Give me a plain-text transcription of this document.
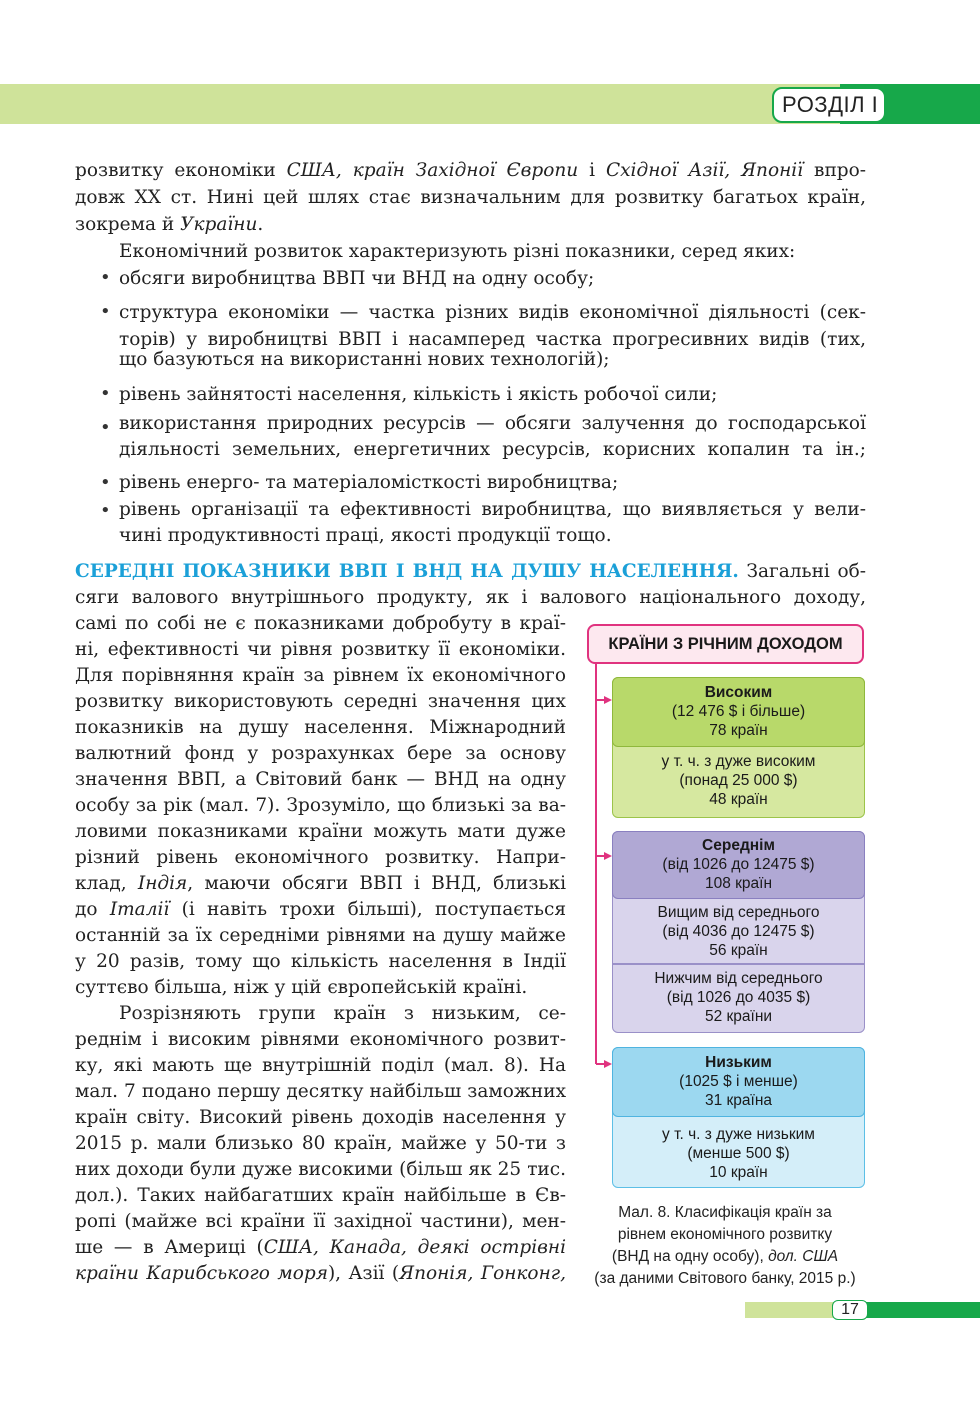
РОЗДІЛ І
розвитку економіки США, країн Західної Європи і Східної Азії, Японії впро-
довж XX ст. Нині цей шлях стає визначальним для розвитку багатьох країн,
зокрема й України.
Економічний розвиток характеризують різні показники, серед яких:
• обсяги виробництва ВВП чи ВНД на одну особу;
• структура економіки — частка різних видів економічної діяльності (сек-
торів) у виробництві ВВП і насамперед частка прогресивних видів (тих,
що базуються на використанні нових технологій);
• рівень зайнятості населення, кількість і якість робочої сили;
• використання природних ресурсів — обсяги залучення до господарської
діяльності земельних, енергетичних ресурсів, корисних копалин та ін.;
• рівень енерго- та матеріаломісткості виробництва;
• рівень організації та ефективності виробництва, що виявляється у вели-
чині продуктивності праці, якості продукції тощо.
СЕРЕДНІ ПОКАЗНИКИ ВВП І ВНД НА ДУШУ НАСЕЛЕННЯ. Загальні об-
сяги валового внутрішнього продукту, як і валового національного доходу,
самі по собі не є показниками добробуту в краї-
ні, ефективності чи рівня розвитку її економіки.
Для порівняння країн за рівнем їх економічного
розвитку використовують середні значення цих
показників на душу населення. Міжнародний
валютний фонд у розрахунках бере за основу
значення ВВП, а Світовий банк — ВНД на одну
особу за рік (мал. 7). Зрозуміло, що близькі за ва-
ловими показниками країни можуть мати дуже
різний рівень економічного розвитку. Напри-
клад, Індія, маючи обсяги ВВП і ВНД, близькі
до Італії (і навіть трохи більші), поступається
останній за їх середніми рівнями на душу майже
у 20 разів, тому що кількість населення в Індії
суттєво більша, ніж у цій європейській країні.
Розрізняють групи країн з низьким, се-
реднім і високим рівнями економічного розвит-
ку, які мають ще внутрішній поділ (мал. 8). На
мал. 7 подано першу десятку найбільш заможних
країн світу. Високий рівень доходів населення у
2015 р. мали близько 80 країн, майже у 50-ти з
них доходи були дуже високими (більш як 25 тис.
дол.). Таких найбагатших країн найбільше в Єв-
ропі (майже всі країни її західної частини), мен-
ше — в Америці (США, Канада, деякі острівні
країни Карибського моря), Азії (Японія, Гонконг,
КРАЇНИ З РІЧНИМ ДОХОДОМ
Високим
(12 476 $ і більше)
78 країн
у т. ч. з дуже високим
(понад 25 000 $)
48 країн
Середнім
(від 1026 до 12475 $)
108 країн
Вищим від середнього
(від 4036 до 12475 $)
56 країн
Нижчим від середнього
(від 1026 до 4035 $)
52 країни
Низьким
(1025 $ і менше)
31 країна
у т. ч. з дуже низьким
(менше 500 $)
10 країн
Мал. 8. Класифікація країн за
рівнем економічного розвитку
(ВНД на одну особу), дол. США
(за даними Світового банку, 2015 р.)
17
